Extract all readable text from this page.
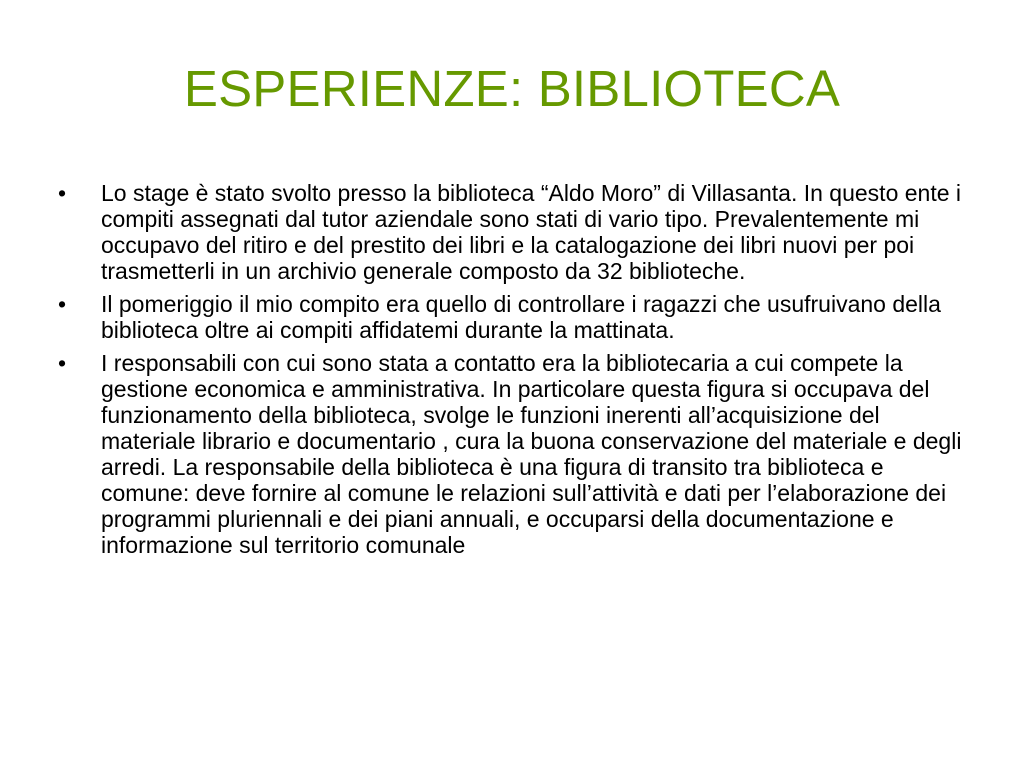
ESPERIENZE: BIBLIOTECA
•	Lo stage è stato svolto presso la biblioteca “Aldo Moro” di Villasanta. In questo ente i compiti assegnati dal tutor aziendale sono stati di vario tipo. Prevalentemente mi occupavo del ritiro e del prestito dei libri e la catalogazione dei libri nuovi per poi trasmetterli in un archivio generale composto da 32 biblioteche.
•	Il pomeriggio il mio compito era quello di controllare i ragazzi che usufruivano della biblioteca oltre ai compiti affidatemi durante la mattinata.
•	I responsabili con cui sono stata a contatto era la bibliotecaria a cui compete la gestione economica e amministrativa. In particolare questa figura si occupava del funzionamento della biblioteca, svolge le funzioni inerenti all’acquisizione del materiale librario e documentario , cura la buona conservazione del materiale e degli arredi. La responsabile della biblioteca è una figura di transito tra biblioteca e comune: deve fornire al comune le relazioni sull’attività e dati per l’elaborazione dei programmi pluriennali e dei piani annuali, e occuparsi della documentazione e informazione sul territorio comunale
